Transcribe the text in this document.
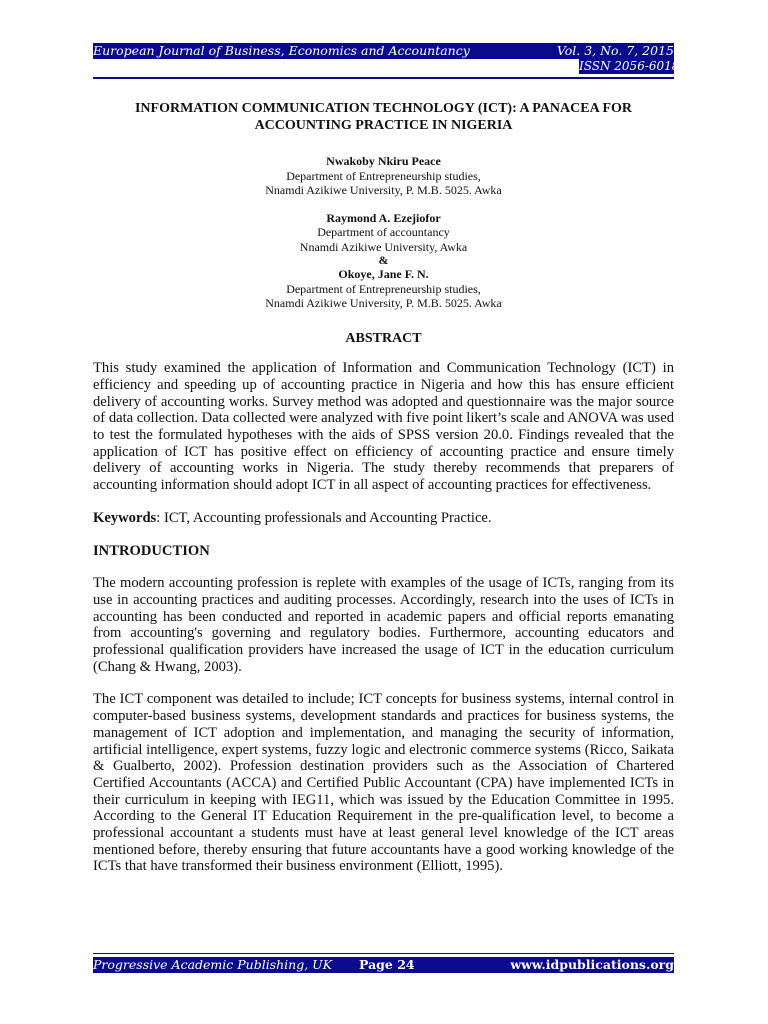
European Journal of Business, Economics and Accountancy	Vol. 3, No. 7, 2015
ISSN 2056-6018
INFORMATION COMMUNICATION TECHNOLOGY (ICT): A PANACEA FOR ACCOUNTING PRACTICE IN NIGERIA
Nwakoby Nkiru Peace
Department of Entrepreneurship studies,
Nnamdi Azikiwe University, P. M.B. 5025. Awka
Raymond A. Ezejiofor
Department of accountancy
Nnamdi Azikiwe University, Awka
&
Okoye, Jane F. N.
Department of Entrepreneurship studies,
Nnamdi Azikiwe University, P. M.B. 5025. Awka
ABSTRACT

This study examined the application of Information and Communication Technology (ICT) in efficiency and speeding up of accounting practice in Nigeria and how this has ensure efficient delivery of accounting works. Survey method was adopted and questionnaire was the major source of data collection. Data collected were analyzed with five point likert’s scale and ANOVA was used to test the formulated hypotheses with the aids of SPSS version 20.0. Findings revealed that the application of ICT has positive effect on efficiency of accounting practice and ensure timely delivery of accounting works in Nigeria. The study thereby recommends that preparers of accounting information should adopt ICT in all aspect of accounting practices for effectiveness.

Keywords: ICT, Accounting professionals and Accounting Practice.

INTRODUCTION

The modern accounting profession is replete with examples of the usage of ICTs, ranging from its use in accounting practices and auditing processes. Accordingly, research into the uses of ICTs in accounting has been conducted and reported in academic papers and official reports emanating from accounting's governing and regulatory bodies. Furthermore, accounting educators and professional qualification providers have increased the usage of ICT in the education curriculum (Chang & Hwang, 2003).

The ICT component was detailed to include; ICT concepts for business systems, internal control in computer-based business systems, development standards and practices for business systems, the management of ICT adoption and implementation, and managing the security of information, artificial intelligence, expert systems, fuzzy logic and electronic commerce systems (Ricco, Saikata & Gualberto, 2002). Profession destination providers such as the Association of Chartered Certified Accountants (ACCA) and Certified Public Accountant (CPA) have implemented ICTs in their curriculum in keeping with IEG11, which was issued by the Education Committee in 1995. According to the General IT Education Requirement in the pre-qualification level, to become a professional accountant a students must have at least general level knowledge of the ICT areas mentioned before, thereby ensuring that future accountants have a good working knowledge of the ICTs that have transformed their business environment (Elliott, 1995).

Progressive Academic Publishing, UK Page 24	www.idpublications.org
